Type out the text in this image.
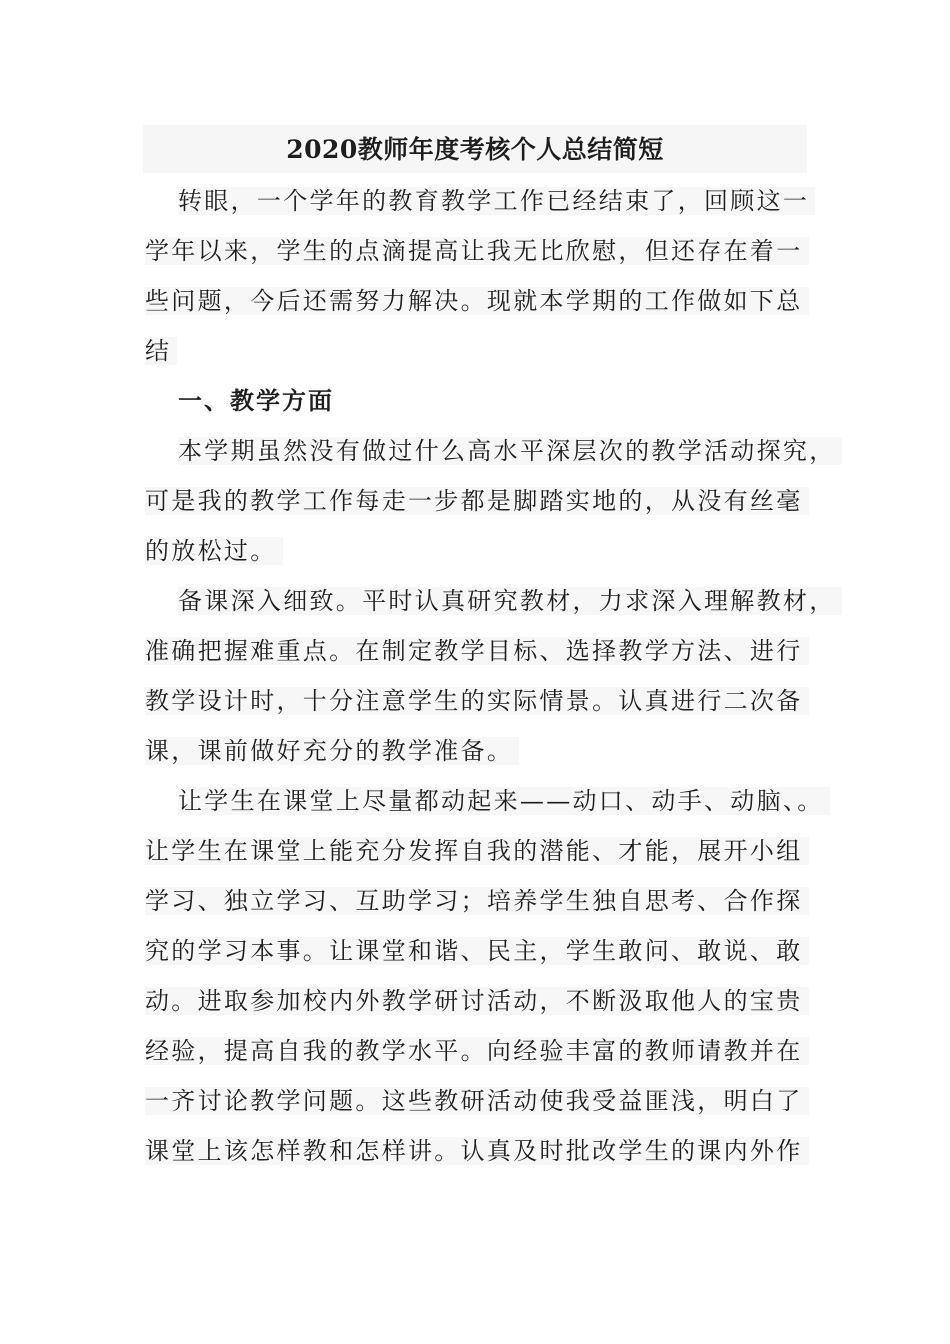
2020教师年度考核个人总结简短
转眼，一个学年的教育教学工作已经结束了，回顾这一
学年以来，学生的点滴提高让我无比欣慰，但还存在着一
些问题，今后还需努力解决。现就本学期的工作做如下总
结
一、教学方面
本学期虽然没有做过什么高水平深层次的教学活动探究，
可是我的教学工作每走一步都是脚踏实地的，从没有丝毫
的放松过。
备课深入细致。平时认真研究教材，力求深入理解教材，
准确把握难重点。在制定教学目标、选择教学方法、进行
教学设计时，十分注意学生的实际情景。认真进行二次备
课，课前做好充分的教学准备。
让学生在课堂上尽量都动起来——动口、动手、动脑、。
让学生在课堂上能充分发挥自我的潜能、才能，展开小组
学习、独立学习、互助学习；培养学生独自思考、合作探
究的学习本事。让课堂和谐、民主，学生敢问、敢说、敢
动。进取参加校内外教学研讨活动，不断汲取他人的宝贵
经验，提高自我的教学水平。向经验丰富的教师请教并在
一齐讨论教学问题。这些教研活动使我受益匪浅，明白了
课堂上该怎样教和怎样讲。认真及时批改学生的课内外作
